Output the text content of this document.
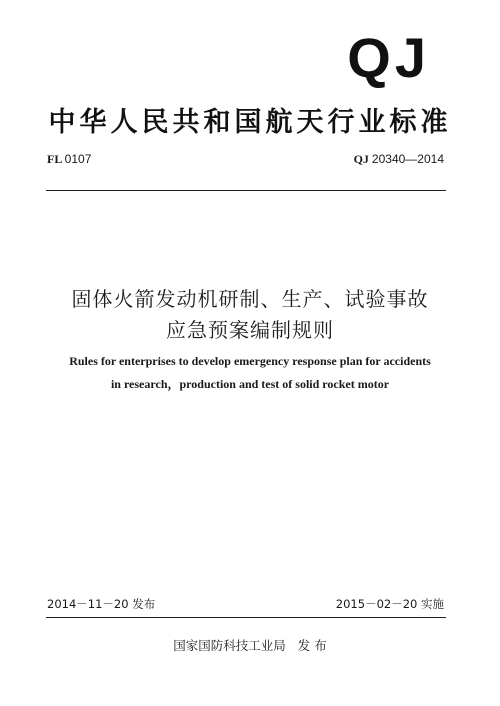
QJ
中华人民共和国航天行业标准
FL 0107	QJ 20340—2014
固体火箭发动机研制、生产、试验事故
应急预案编制规则
Rules for enterprises to develop emergency response plan for accidents
in research，production and test of solid rocket motor
2014－11－20 发布	2015－02－20 实施
国家国防科技工业局   发 布
